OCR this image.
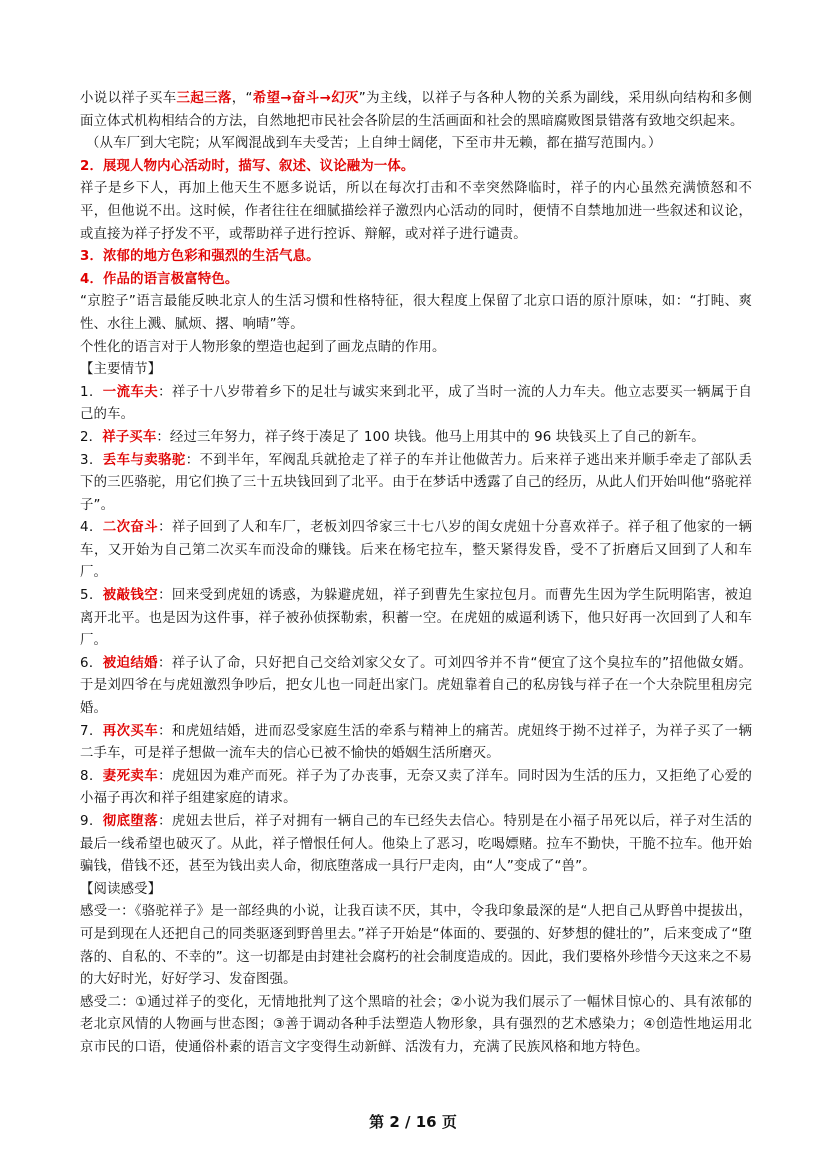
小说以祥子买车三起三落，“希望→奋斗→幻灭”为主线，以祥子与各种人物的关系为副线，采用纵向结构和多侧面立体式机构相结合的方法，自然地把市民社会各阶层的生活画面和社会的黑暗腐败图景错落有致地交织起来。

（从车厂到大宅院；从军阀混战到车夫受苦；上自绅士阔佬，下至市井无赖，都在描写范围内。）

2．展现人物内心活动时，描写、叙述、议论融为一体。

祥子是乡下人，再加上他天生不愿多说话，所以在每次打击和不幸突然降临时，祥子的内心虽然充满愤怒和不平，但他说不出。这时候，作者往往在细腻描绘祥子激烈内心活动的同时，便情不自禁地加进一些叙述和议论，或直接为祥子抒发不平，或帮助祥子进行控诉、辩解，或对祥子进行谴责。

3．浓郁的地方色彩和强烈的生活气息。

4．作品的语言极富特色。

“京腔子”语言最能反映北京人的生活习惯和性格特征，很大程度上保留了北京口语的原汁原味，如：“打盹、爽性、水往上溅、腻烦、撂、响晴”等。

个性化的语言对于人物形象的塑造也起到了画龙点睛的作用。

【主要情节】

1．一流车夫：祥子十八岁带着乡下的足壮与诚实来到北平，成了当时一流的人力车夫。他立志要买一辆属于自己的车。

2．祥子买车：经过三年努力，祥子终于凑足了 100 块钱。他马上用其中的 96 块钱买上了自己的新车。

3．丢车与卖骆驼：不到半年，军阀乱兵就抢走了祥子的车并让他做苦力。后来祥子逃出来并顺手牵走了部队丢下的三匹骆驼，用它们换了三十五块钱回到了北平。由于在梦话中透露了自己的经历，从此人们开始叫他“骆驼祥子”。

4．二次奋斗：祥子回到了人和车厂，老板刘四爷家三十七八岁的闺女虎妞十分喜欢祥子。祥子租了他家的一辆车，又开始为自己第二次买车而没命的赚钱。后来在杨宅拉车，整天紧得发昏，受不了折磨后又回到了人和车厂。

5．被敲钱空：回来受到虎妞的诱惑，为躲避虎妞，祥子到曹先生家拉包月。而曹先生因为学生阮明陷害，被迫离开北平。也是因为这件事，祥子被孙侦探勒索，积蓄一空。在虎妞的威逼利诱下，他只好再一次回到了人和车厂。

6．被迫结婚：祥子认了命，只好把自己交给刘家父女了。可刘四爷并不肯“便宜了这个臭拉车的”招他做女婿。于是刘四爷在与虎妞激烈争吵后，把女儿也一同赶出家门。虎妞靠着自己的私房钱与祥子在一个大杂院里租房完婚。

7．再次买车：和虎妞结婚，进而忍受家庭生活的牵系与精神上的痛苦。虎妞终于拗不过祥子，为祥子买了一辆二手车，可是祥子想做一流车夫的信心已被不愉快的婚姻生活所磨灭。

8．妻死卖车：虎妞因为难产而死。祥子为了办丧事，无奈又卖了洋车。同时因为生活的压力，又拒绝了心爱的小福子再次和祥子组建家庭的请求。

9．彻底堕落：虎妞去世后，祥子对拥有一辆自己的车已经失去信心。特别是在小福子吊死以后，祥子对生活的最后一线希望也破灭了。从此，祥子憎恨任何人。他染上了恶习，吃喝嫖赌。拉车不勤快，干脆不拉车。他开始骗钱，借钱不还，甚至为钱出卖人命，彻底堕落成一具行尸走肉，由“人”变成了“兽”。

【阅读感受】

感受一：《骆驼祥子》是一部经典的小说，让我百读不厌，其中，令我印象最深的是“人把自己从野兽中提拔出，可是到现在人还把自己的同类驱逐到野兽里去。”祥子开始是“体面的、要强的、好梦想的健壮的”，后来变成了“堕落的、自私的、不幸的”。这一切都是由封建社会腐朽的社会制度造成的。因此，我们要格外珍惜今天这来之不易的大好时光，好好学习、发奋图强。

感受二：①通过祥子的变化，无情地批判了这个黑暗的社会；②小说为我们展示了一幅怵目惊心的、具有浓郁的老北京风情的人物画与世态图；③善于调动各种手法塑造人物形象，具有强烈的艺术感染力；④创造性地运用北京市民的口语，使通俗朴素的语言文字变得生动新鲜、活泼有力，充满了民族风格和地方特色。

第 2 / 16 页
